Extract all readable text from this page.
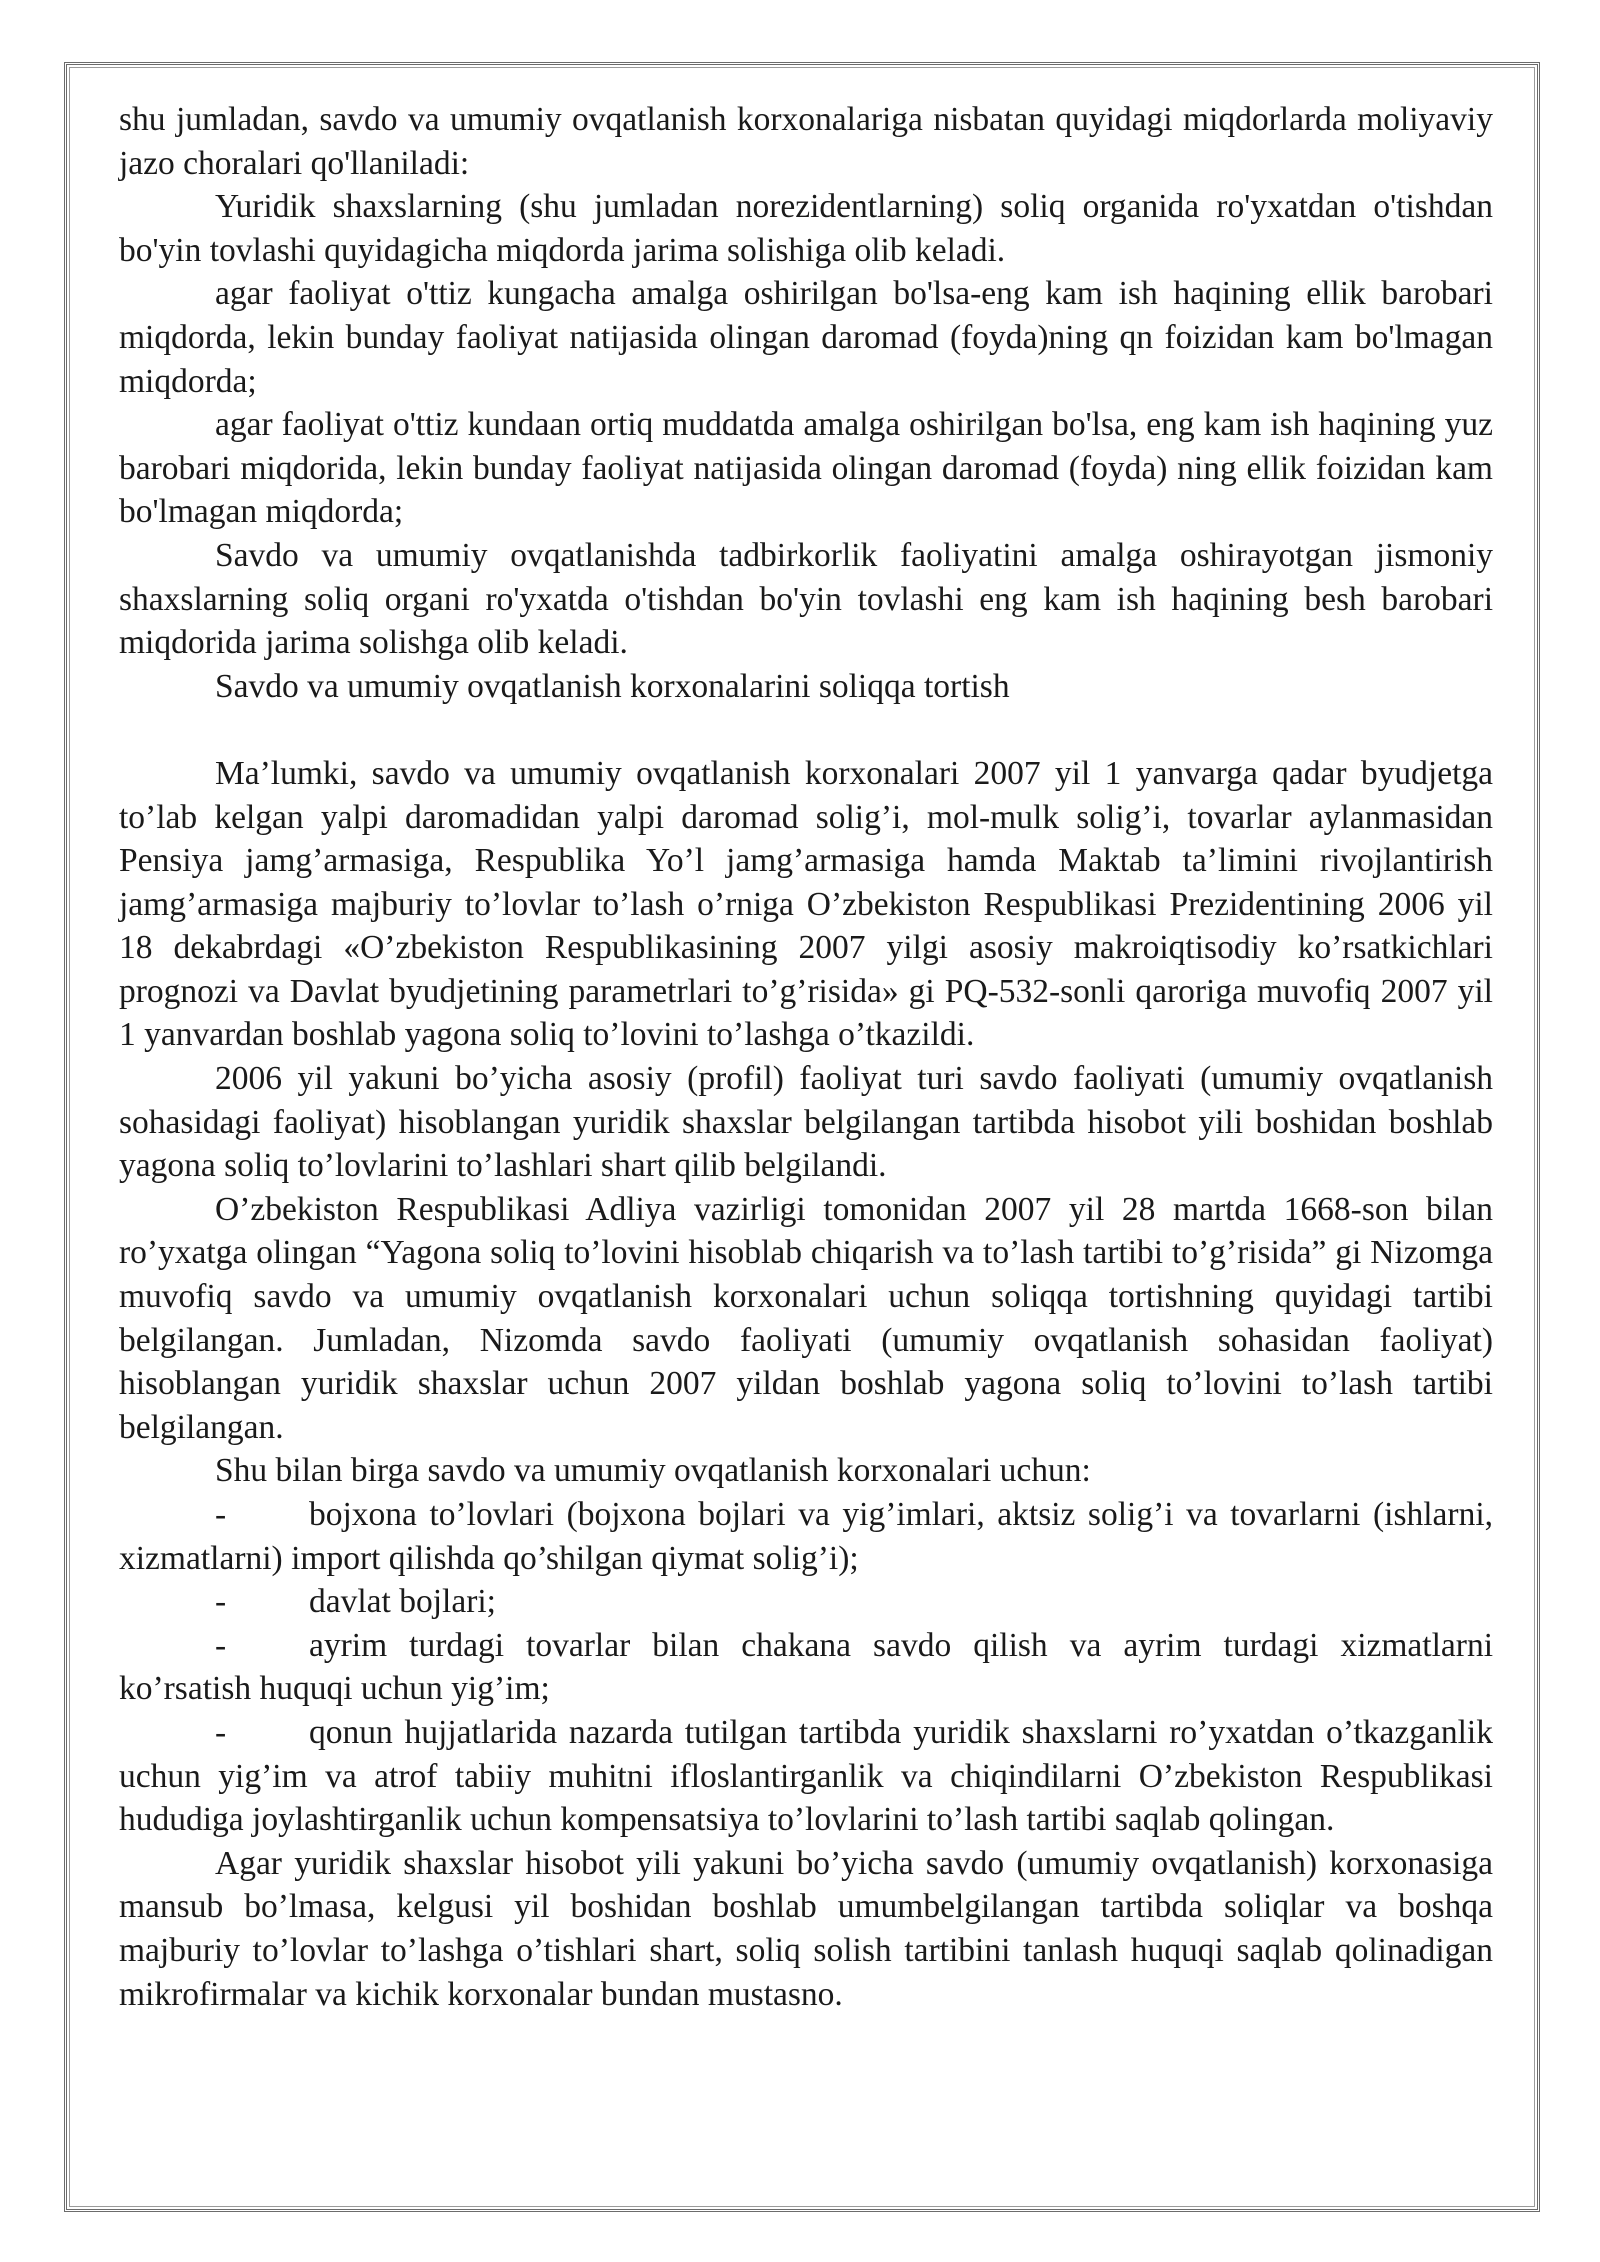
shu jumladan, savdo va umumiy ovqatlanish korxonalariga nisbatan quyidagi miqdorlarda moliyaviy jazo choralari qo'llaniladi:

Yuridik shaxslarning (shu jumladan norezidentlarning) soliq organida ro'yxatdan o'tishdan bo'yin tovlashi quyidagicha miqdorda jarima solishiga olib keladi.

agar faoliyat o'ttiz kungacha amalga oshirilgan bo'lsa-eng kam ish haqining ellik barobari miqdorda, lekin bunday faoliyat natijasida olingan daromad (foyda)ning qn foizidan kam bo'lmagan miqdorda;

agar faoliyat o'ttiz kundaan ortiq muddatda amalga oshirilgan bo'lsa, eng kam ish haqining yuz barobari miqdorida, lekin bunday faoliyat natijasida olingan daromad (foyda) ning ellik foizidan kam bo'lmagan miqdorda;

Savdo va umumiy ovqatlanishda tadbirkorlik faoliyatini amalga oshirayotgan jismoniy shaxslarning soliq organi ro'yxatda o'tishdan bo'yin tovlashi eng kam ish haqining besh barobari miqdorida jarima solishga olib keladi.

Savdo va umumiy ovqatlanish korxonalarini soliqqa tortish

Ma’lumki, savdo va umumiy ovqatlanish korxonalari 2007 yil 1 yanvarga qadar byudjetga to’lab kelgan yalpi daromadidan yalpi daromad solig’i, mol-mulk solig’i, tovarlar aylanmasidan Pensiya jamg’armasiga, Respublika Yo’l jamg’armasiga hamda Maktab ta’limini rivojlantirish jamg’armasiga majburiy to’lovlar to’lash o’rniga O’zbekiston Respublikasi Prezidentining 2006 yil 18 dekabrdagi «O’zbekiston Respublikasining 2007 yilgi asosiy makroiqtisodiy ko’rsatkichlari prognozi va Davlat byudjetining parametrlari to’g’risida» gi PQ-532-sonli qaroriga muvofiq 2007 yil 1 yanvardan boshlab yagona soliq to’lovini to’lashga o’tkazildi.

2006 yil yakuni bo’yicha asosiy (profil) faoliyat turi savdo faoliyati (umumiy ovqatlanish sohasidagi faoliyat) hisoblangan yuridik shaxslar belgilangan tartibda hisobot yili boshidan boshlab yagona soliq to’lovlarini to’lashlari shart qilib belgilandi.

O’zbekiston Respublikasi Adliya vazirligi tomonidan 2007 yil 28 martda 1668-son bilan ro’yxatga olingan “Yagona soliq to’lovini hisoblab chiqarish va to’lash tartibi to’g’risida” gi Nizomga muvofiq savdo va umumiy ovqatlanish korxonalari uchun soliqqa tortishning quyidagi tartibi belgilangan. Jumladan, Nizomda savdo faoliyati (umumiy ovqatlanish sohasidan faoliyat) hisoblangan yuridik shaxslar uchun 2007 yildan boshlab yagona soliq to’lovini to’lash tartibi belgilangan.

Shu bilan birga savdo va umumiy ovqatlanish korxonalari uchun:

- bojxona to’lovlari (bojxona bojlari va yig’imlari, aktsiz solig’i va tovarlarni (ishlarni, xizmatlarni) import qilishda qo’shilgan qiymat solig’i);

- davlat bojlari;

- ayrim turdagi tovarlar bilan chakana savdo qilish va ayrim turdagi xizmatlarni ko’rsatish huquqi uchun yig’im;

- qonun hujjatlarida nazarda tutilgan tartibda yuridik shaxslarni ro’yxatdan o’tkazganlik uchun yig’im va atrof tabiiy muhitni ifloslantirganlik va chiqindilarni O’zbekiston Respublikasi hududiga joylashtirganlik uchun kompensatsiya to’lovlarini to’lash tartibi saqlab qolingan.

Agar yuridik shaxslar hisobot yili yakuni bo’yicha savdo (umumiy ovqatlanish) korxonasiga mansub bo’lmasa, kelgusi yil boshidan boshlab umumbelgilangan tartibda soliqlar va boshqa majburiy to’lovlar to’lashga o’tishlari shart, soliq solish tartibini tanlash huquqi saqlab qolinadigan mikrofirmalar va kichik korxonalar bundan mustasno.
